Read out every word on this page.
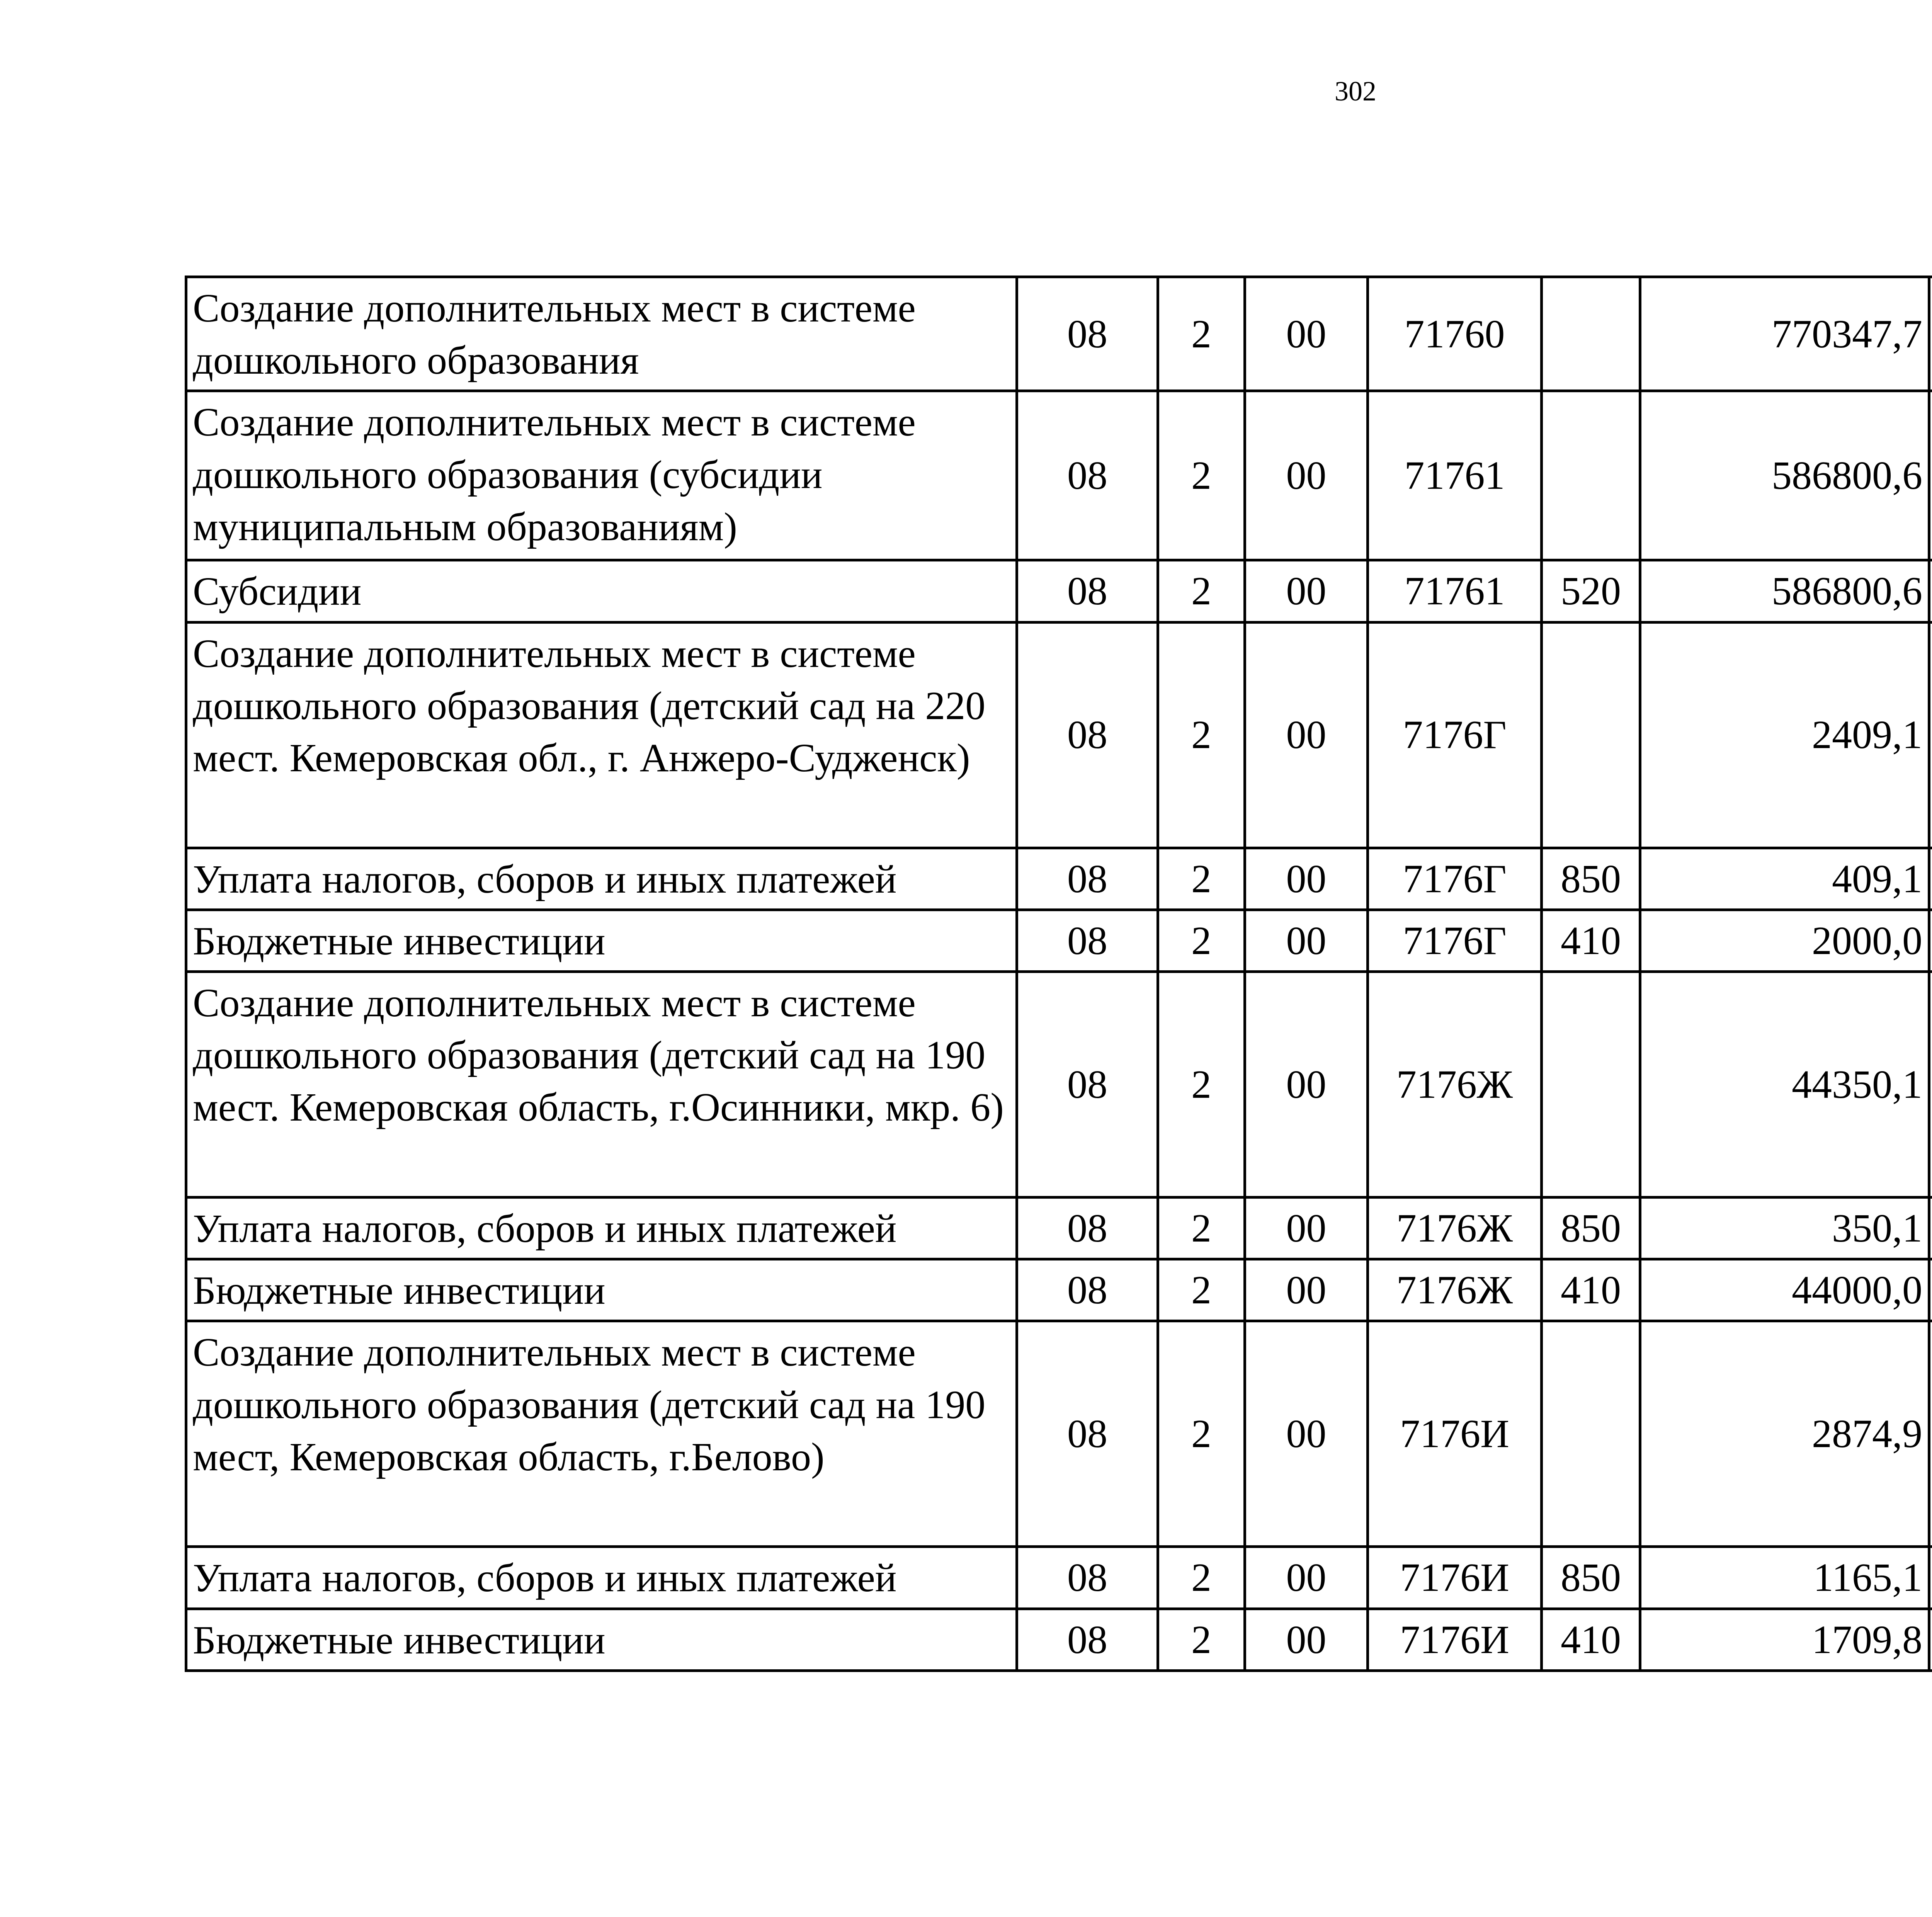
302
Создание дополнительных мест в системе дошкольного образования	08	2	00	71760		770347,7		
Создание дополнительных мест в системе дошкольного образования (субсидии муниципальным образованиям)	08	2	00	71761		586800,6		
Субсидии	08	2	00	71761	520	586800,6		
Создание дополнительных мест в системе дошкольного образования (детский сад на 220 мест. Кемеровская обл., г. Анжеро-Судженск)	08	2	00	7176Г		2409,1		
Уплата налогов, сборов и иных платежей	08	2	00	7176Г	850	409,1		
Бюджетные инвестиции	08	2	00	7176Г	410	2000,0		
Создание дополнительных мест в системе дошкольного образования (детский сад на 190 мест. Кемеровская область, г.Осинники, мкр. 6)	08	2	00	7176Ж		44350,1		
Уплата налогов, сборов и иных платежей	08	2	00	7176Ж	850	350,1		
Бюджетные инвестиции	08	2	00	7176Ж	410	44000,0		
Создание дополнительных мест в системе дошкольного образования (детский сад на 190 мест, Кемеровская область, г.Белово)	08	2	00	7176И		2874,9		
Уплата налогов, сборов и иных платежей	08	2	00	7176И	850	1165,1		
Бюджетные инвестиции	08	2	00	7176И	410	1709,8		
